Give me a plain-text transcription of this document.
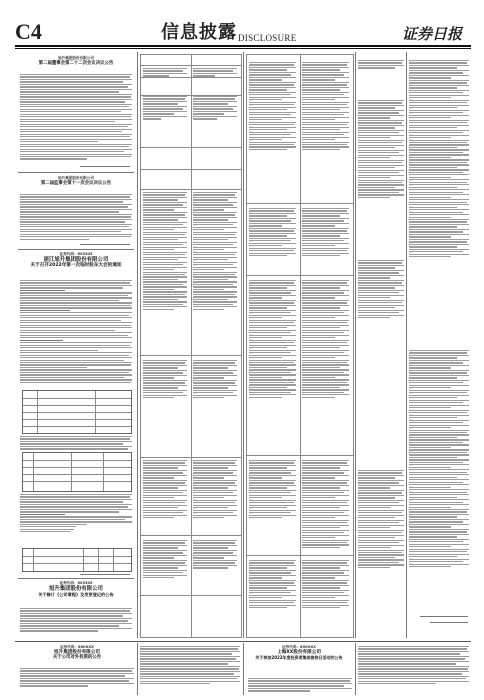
C4	信息披露 DISCLOSURE	证券日报
旭升集团股份有限公司
第二届董事会第二十二次会议决议公告
旭升集团股份有限公司
第二届监事会第十一次会议决议公告
证券代码：603305
浙江旭升集团股份有限公司
关于召开2022年第一次临时股东大会的通知
证券代码：603305
旭升集团股份有限公司
关于修订《公司章程》及变更登记的公告
证券代码：600XXX
旭升集团股份有限公司
关于公司对外投资的公告
证券代码：600XXX
上海XX股份有限公司
关于参加2022年度投资者集体接待日活动的公告
